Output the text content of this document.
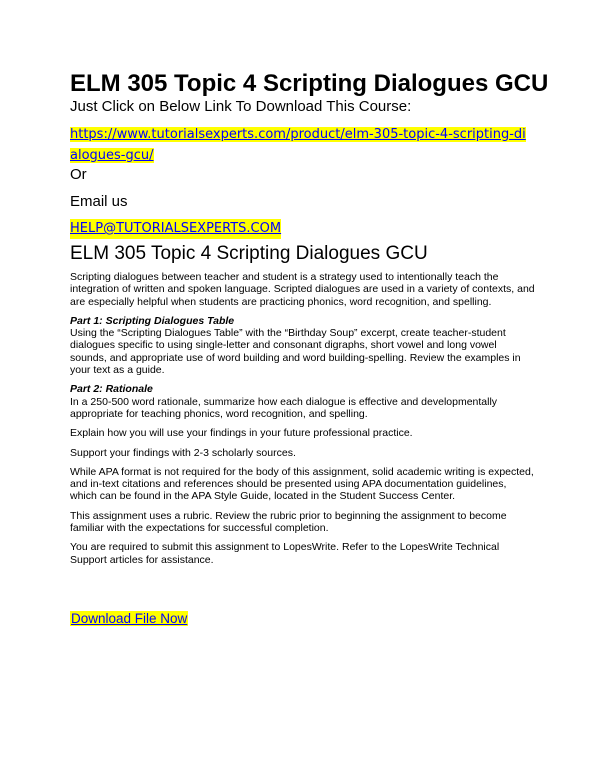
ELM 305 Topic 4 Scripting Dialogues GCU
Just Click on Below Link To Download This Course:
https://www.tutorialsexperts.com/product/elm-305-topic-4-scripting-dialogues-gcu/
Or
Email us
HELP@TUTORIALSEXPERTS.COM
ELM 305 Topic 4 Scripting Dialogues GCU

Scripting dialogues between teacher and student is a strategy used to intentionally teach the integration of written and spoken language. Scripted dialogues are used in a variety of contexts, and are especially helpful when students are practicing phonics, word recognition, and spelling.

Part 1: Scripting Dialogues Table

Using the “Scripting Dialogues Table” with the “Birthday Soup” excerpt, create teacher-student dialogues specific to using single-letter and consonant digraphs, short vowel and long vowel sounds, and appropriate use of word building and word building-spelling. Review the examples in your text as a guide.

Part 2: Rationale

In a 250-500 word rationale, summarize how each dialogue is effective and developmentally appropriate for teaching phonics, word recognition, and spelling.

Explain how you will use your findings in your future professional practice.

Support your findings with 2-3 scholarly sources.

While APA format is not required for the body of this assignment, solid academic writing is expected, and in-text citations and references should be presented using APA documentation guidelines, which can be found in the APA Style Guide, located in the Student Success Center.

This assignment uses a rubric. Review the rubric prior to beginning the assignment to become familiar with the expectations for successful completion.

You are required to submit this assignment to LopesWrite. Refer to the LopesWrite Technical Support articles for assistance.

Download File Now
